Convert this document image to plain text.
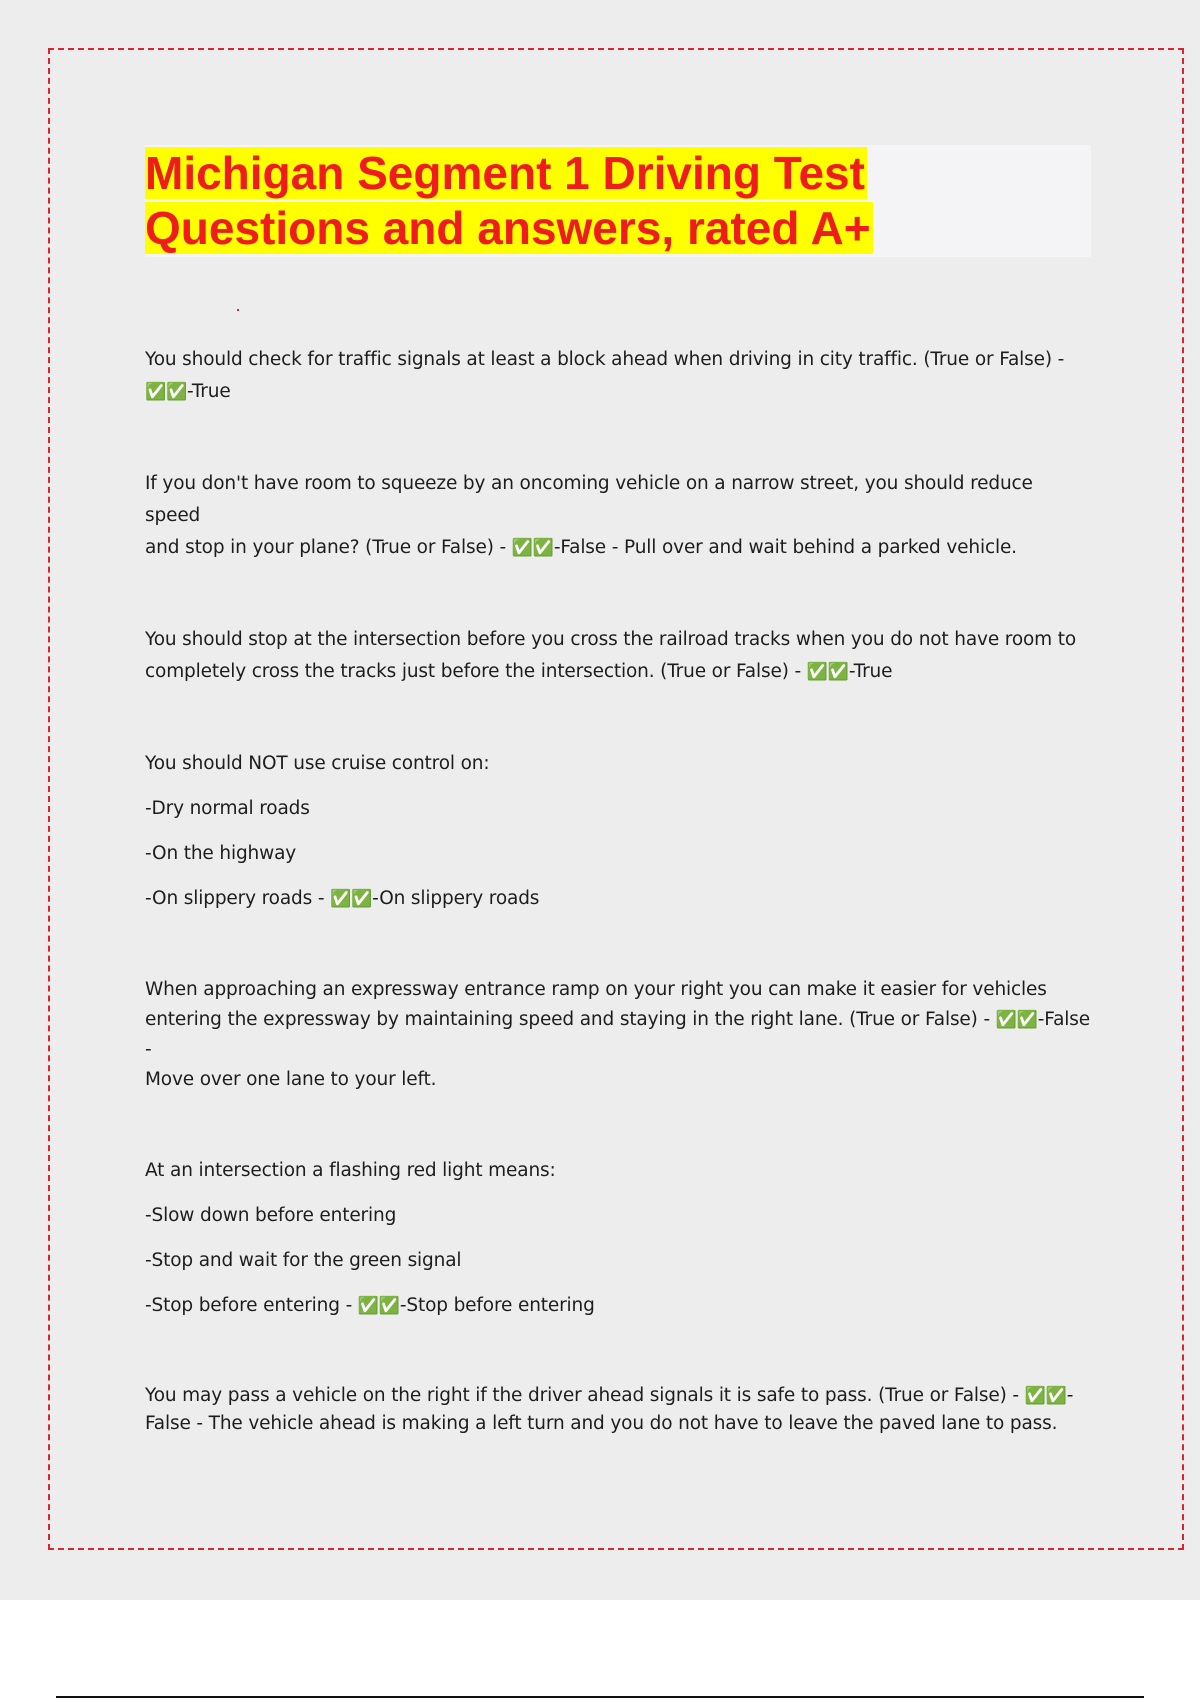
Michigan Segment 1 Driving Test
Questions and answers, rated A+

You should check for traffic signals at least a block ahead when driving in city traffic. (True or False) -
✅✅-True

If you don't have room to squeeze by an oncoming vehicle on a narrow street, you should reduce speed
and stop in your plane? (True or False) - ✅✅-False - Pull over and wait behind a parked vehicle.

You should stop at the intersection before you cross the railroad tracks when you do not have room to
completely cross the tracks just before the intersection. (True or False) - ✅✅-True

You should NOT use cruise control on:

-Dry normal roads

-On the highway

-On slippery roads - ✅✅-On slippery roads

When approaching an expressway entrance ramp on your right you can make it easier for vehicles
entering the expressway by maintaining speed and staying in the right lane. (True or False) - ✅✅-False -
Move over one lane to your left.

At an intersection a flashing red light means:

-Slow down before entering

-Stop and wait for the green signal

-Stop before entering - ✅✅-Stop before entering

You may pass a vehicle on the right if the driver ahead signals it is safe to pass. (True or False) - ✅✅-
False - The vehicle ahead is making a left turn and you do not have to leave the paved lane to pass.
